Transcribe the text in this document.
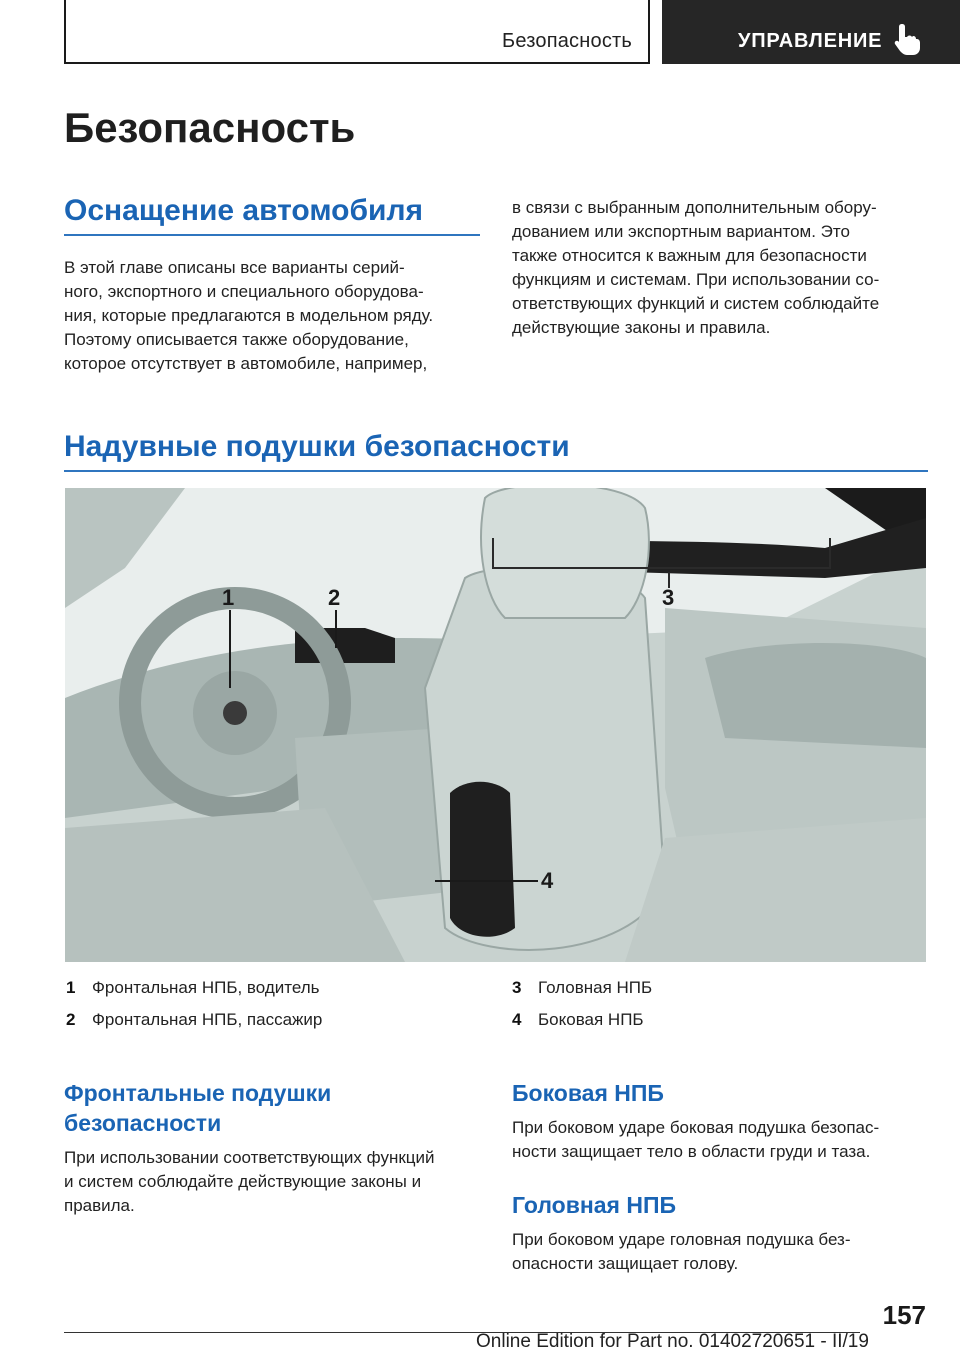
Безопасность	УПРАВЛЕНИЕ
Безопасность
Оснащение автомобиля
В этой главе описаны все варианты серий-
ного, экспортного и специального оборудова-
ния, которые предлагаются в модельном ряду.
Поэтому описывается также оборудование,
которое отсутствует в автомобиле, например,
в связи с выбранным дополнительным обору-
дованием или экспортным вариантом. Это
также относится к важным для безопасности
функциям и системам. При использовании со-
ответствующих функций и систем соблюдайте
действующие законы и правила.
Надувные подушки безопасности
1	2	3
4
1 Фронтальная НПБ, водитель
2 Фронтальная НПБ, пассажир
3 Головная НПБ
4 Боковая НПБ
Фронтальные подушки
безопасности
При использовании соответствующих функций
и систем соблюдайте действующие законы и
правила.
Боковая НПБ
При боковом ударе боковая подушка безопас-
ности защищает тело в области груди и таза.
Головная НПБ
При боковом ударе головная подушка без-
опасности защищает голову.
157
Online Edition for Part no. 01402720651 - II/19
